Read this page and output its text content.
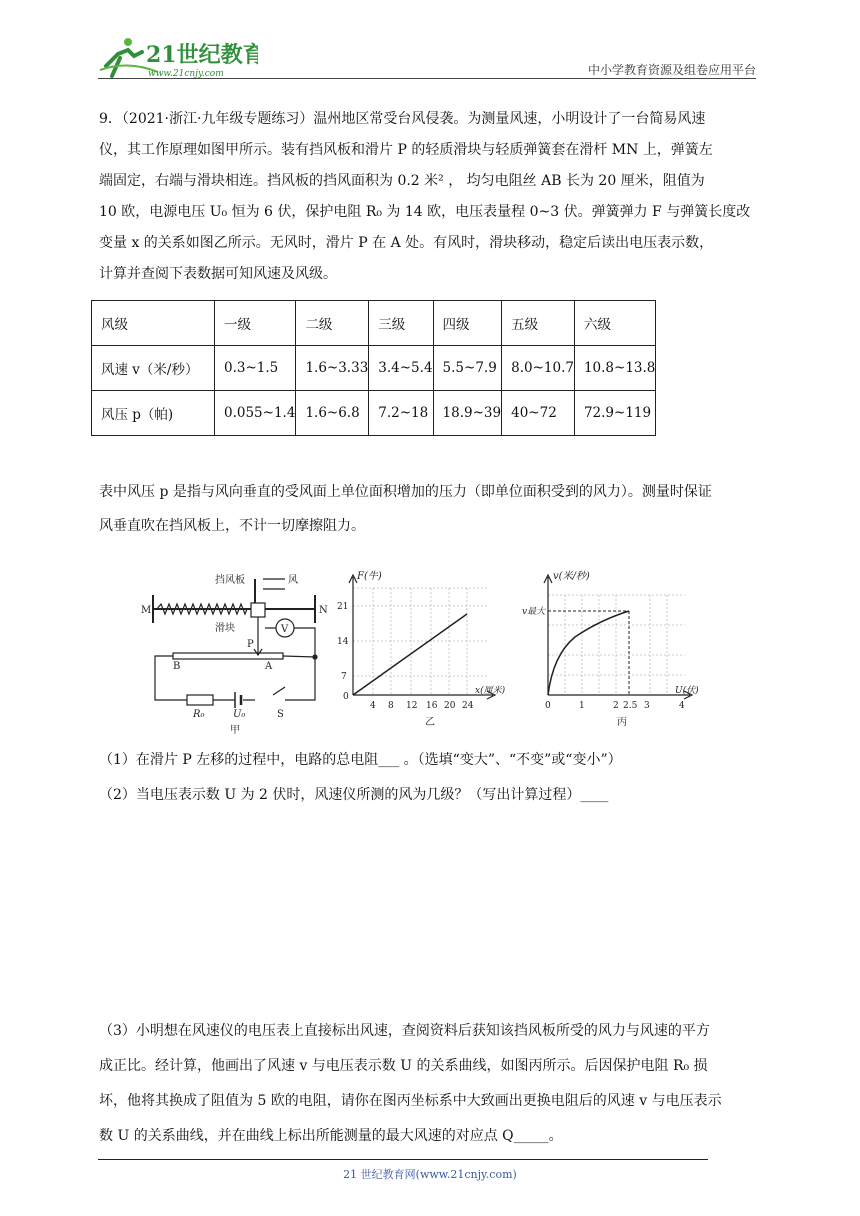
21世纪教育
www.21cnjy.com	中小学教育资源及组卷应用平台
9．（2021·浙江·九年级专题练习）温州地区常受台风侵袭。为测量风速，小明设计了一台简易风速
仪，其工作原理如图甲所示。装有挡风板和滑片 P 的轻质滑块与轻质弹簧套在滑杆 MN 上，弹簧左
端固定，右端与滑块相连。挡风板的挡风面积为 0.2 米² ， 均匀电阻丝 AB 长为 20 厘米，阻值为
10 欧，电源电压 U₀ 恒为 6 伏，保护电阻 R₀ 为 14 欧，电压表量程 0~3 伏。弹簧弹力 F 与弹簧长度改
变量 x 的关系如图乙所示。无风时，滑片 P 在 A 处。有风时，滑块移动，稳定后读出电压表示数，
计算并查阅下表数据可知风速及风级。
风级	一级	二级	三级	四级	五级	六级
风速 v（米/秒）	0.3~1.5	1.6~3.33	3.4~5.4	5.5~7.9	8.0~10.7	10.8~13.8
风压 p（帕)	0.055~1.4	1.6~6.8	7.2~18	18.9~39	40~72	72.9~119
表中风压 p 是指与风向垂直的受风面上单位面积增加的压力（即单位面积受到的风力）。测量时保证
风垂直吹在挡风板上，不计一切摩擦阻力。
挡风板	风
M	N
滑块
P
V
B	A
R₀	U₀	S
甲
F(牛)
x(厘米)
21
14
7
0
4 8 12 16 20 24
乙
v(米/秒)
v最大
U(伏)
0	1	2 2.5 3	4
丙
（1）在滑片 P 左移的过程中，电路的总电阻___ 。（选填“变大”、“不变”或“变小”）
（2）当电压表示数 U 为 2 伏时，风速仪所测的风为几级？（写出计算过程）____
（3）小明想在风速仪的电压表上直接标出风速，查阅资料后获知该挡风板所受的风力与风速的平方
成正比。经计算，他画出了风速 v 与电压表示数 U 的关系曲线，如图丙所示。后因保护电阻 R₀ 损
坏，他将其换成了阻值为 5 欧的电阻，请你在图丙坐标系中大致画出更换电阻后的风速 v 与电压表示
数 U 的关系曲线，并在曲线上标出所能测量的最大风速的对应点 Q_____。
21 世纪教育网(www.21cnjy.com)
